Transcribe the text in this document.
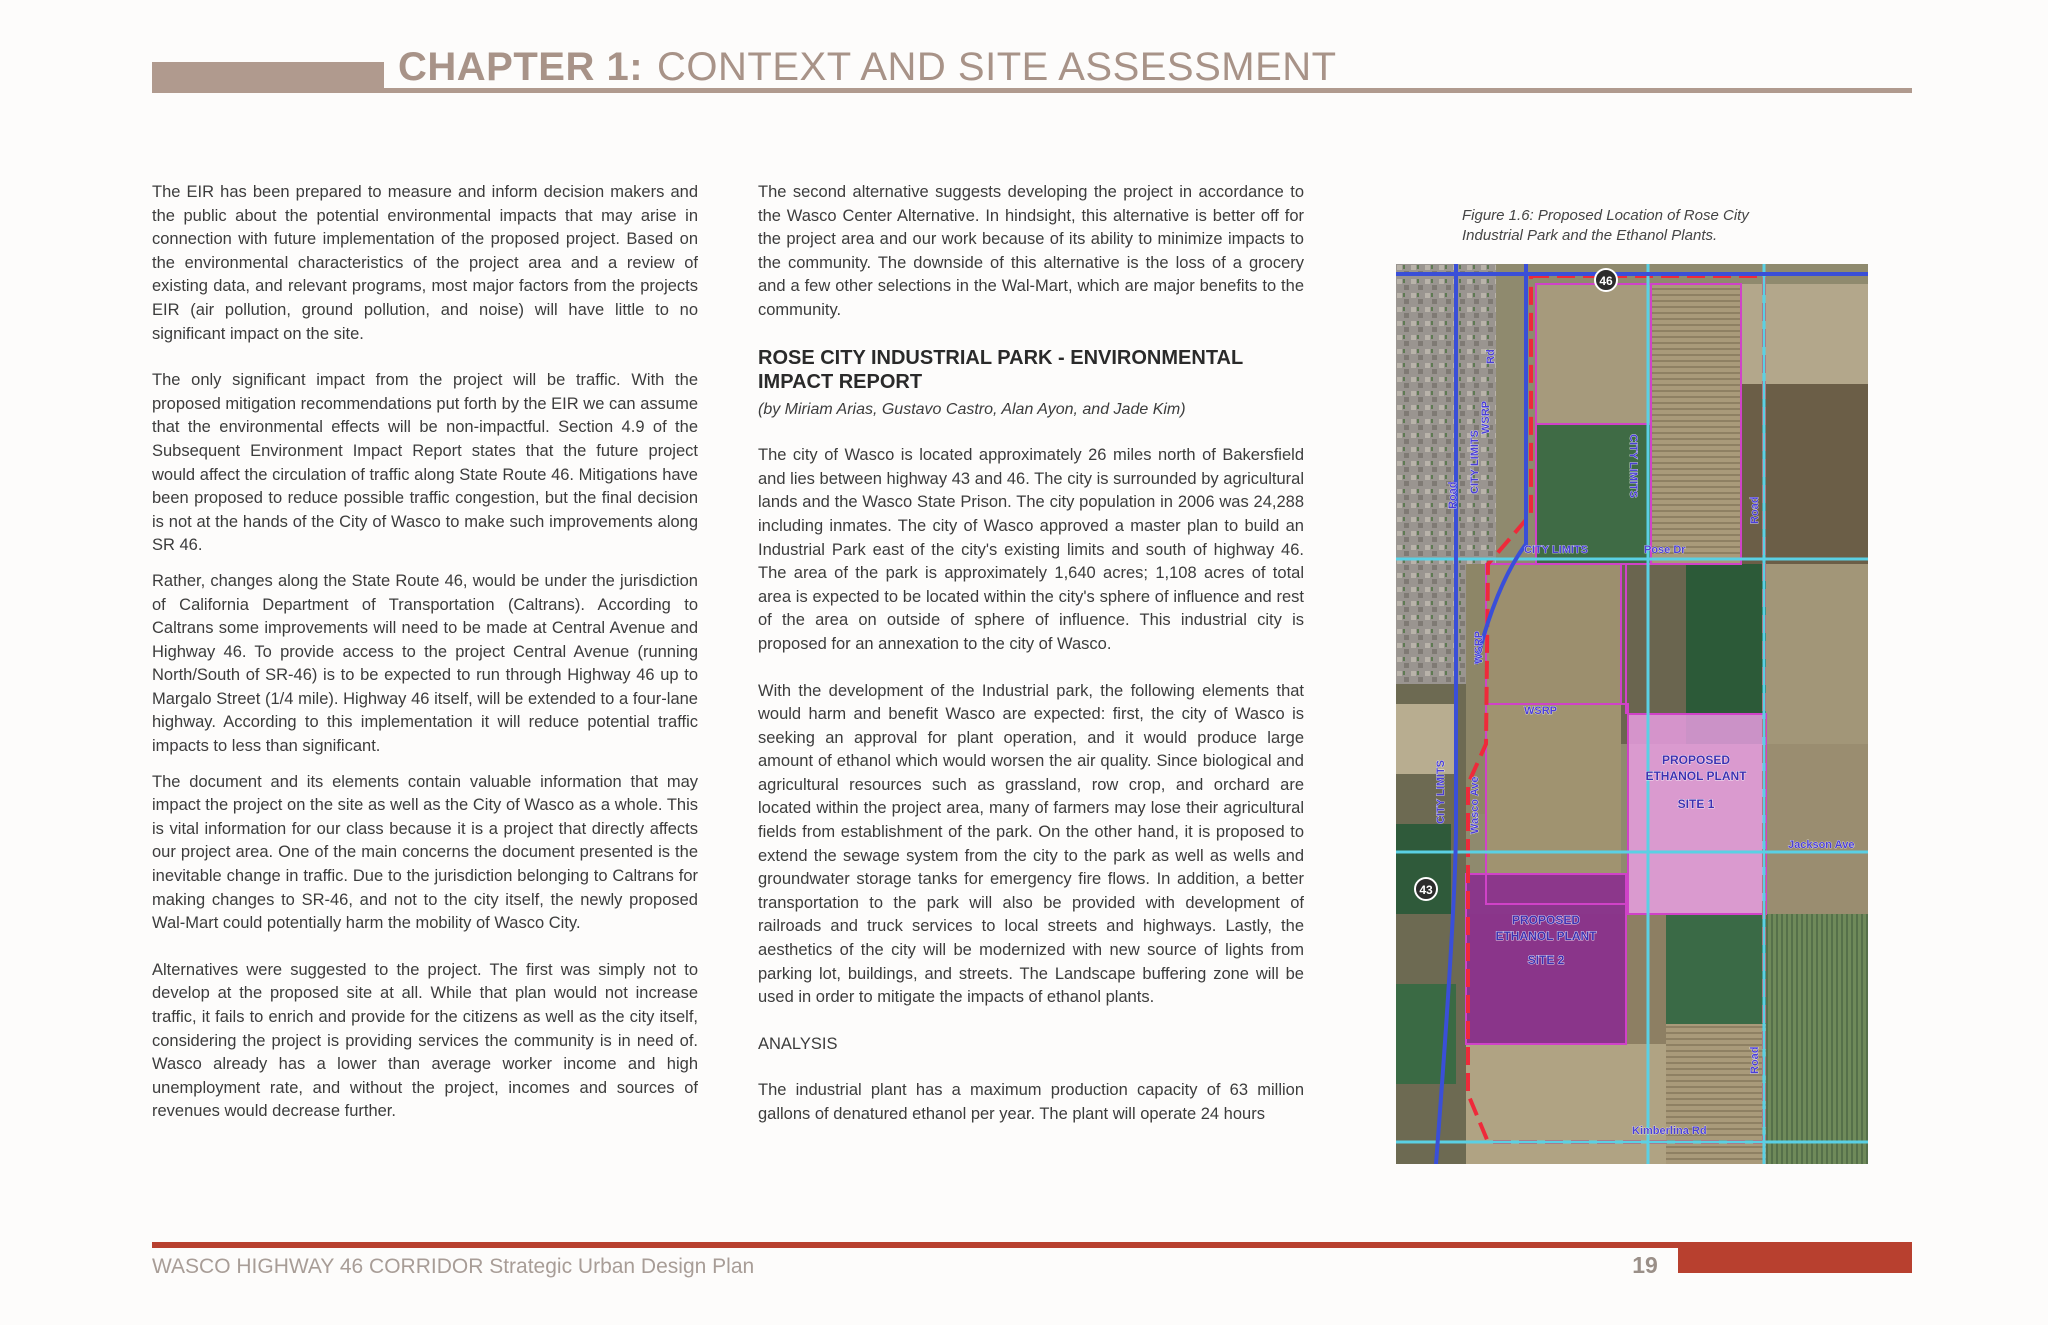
CHAPTER 1: CONTEXT AND SITE ASSESSMENT

The EIR has been prepared to measure and inform decision makers and the public about the potential environmental impacts that may arise in connection with future implementation of the proposed project. Based on the environmental characteristics of the project area and a review of existing data, and relevant programs, most major factors from the projects EIR (air pollution, ground pollution, and noise) will have little to no significant impact on the site.

The only significant impact from the project will be traffic. With the proposed mitigation recommendations put forth by the EIR we can assume that the environmental effects will be non-impactful. Section 4.9 of the Subsequent Environment Impact Report states that the future project would affect the circulation of traffic along State Route 46. Mitigations have been proposed to reduce possible traffic congestion, but the final decision is not at the hands of the City of Wasco to make such improvements along SR 46.

Rather, changes along the State Route 46, would be under the jurisdiction of California Department of Transportation (Caltrans). According to Caltrans some improvements will need to be made at Central Avenue and Highway 46. To provide access to the project Central Avenue (running North/South of SR-46) is to be expected to run through Highway 46 up to Margalo Street (1/4 mile). Highway 46 itself, will be extended to a four-lane highway. According to this implementation it will reduce potential traffic impacts to less than significant.

The document and its elements contain valuable information that may impact the project on the site as well as the City of Wasco as a whole. This is vital information for our class because it is a project that directly affects our project area. One of the main concerns the document presented is the inevitable change in traffic. Due to the jurisdiction belonging to Caltrans for making changes to SR-46, and not to the city itself, the newly proposed Wal-Mart could potentially harm the mobility of Wasco City.

Alternatives were suggested to the project. The first was simply not to develop at the proposed site at all. While that plan would not increase traffic, it fails to enrich and provide for the citizens as well as the city itself, considering the project is providing services the community is in need of. Wasco already has a lower than average worker income and high unemployment rate, and without the project, incomes and sources of revenues would decrease further.

The second alternative suggests developing the project in accordance to the Wasco Center Alternative. In hindsight, this alternative is better off for the project area and our work because of its ability to minimize impacts to the community. The downside of this alternative is the loss of a grocery and a few other selections in the Wal-Mart, which are major benefits to the community.

ROSE CITY INDUSTRIAL PARK - ENVIRONMENTAL IMPACT REPORT
(by Miriam Arias, Gustavo Castro, Alan Ayon, and Jade Kim)

The city of Wasco is located approximately 26 miles north of Bakersfield and lies between highway 43 and 46. The city is surrounded by agricultural lands and the Wasco State Prison. The city population in 2006 was 24,288 including inmates. The city of Wasco approved a master plan to build an Industrial Park east of the city's existing limits and south of highway 46. The area of the park is approximately 1,640 acres; 1,108 acres of total area is expected to be located within the city's sphere of influence and rest of the area on outside of sphere of influence. This industrial city is proposed for an annexation to the city of Wasco.

With the development of the Industrial park, the following elements that would harm and benefit Wasco are expected: first, the city of Wasco is seeking an approval for plant operation, and it would produce large amount of ethanol which would worsen the air quality. Since biological and agricultural resources such as grassland, row crop, and orchard are located within the project area, many of farmers may lose their agricultural fields from establishment of the park. On the other hand, it is proposed to extend the sewage system from the city to the park as well as wells and groundwater storage tanks for emergency fire flows. In addition, a better transportation to the park will also be provided with development of railroads and truck services to local streets and highways. Lastly, the aesthetics of the city will be modernized with new source of lights from parking lot, buildings, and streets. The Landscape buffering zone will be used in order to mitigate the impacts of ethanol plants.

ANALYSIS

The industrial plant has a maximum production capacity of 63 million gallons of denatured ethanol per year. The plant will operate 24 hours

Figure 1.6: Proposed Location of Rose City Industrial Park and the Ethanol Plants.
46
43
CITY LIMITS	Pose Dr
Jackson Ave
Kimberlina Rd
WSRP
CITY LIMITS
CITY LIMITS
CITY LIMITS
Wasco Ave
WSRP
WSRP
Road
Road
Road
Rd
PROPOSED
ETHANOL PLANT
SITE 1
PROPOSED
ETHANOL PLANT
SITE 2
WASCO HIGHWAY 46 CORRIDOR Strategic Urban Design Plan	19
